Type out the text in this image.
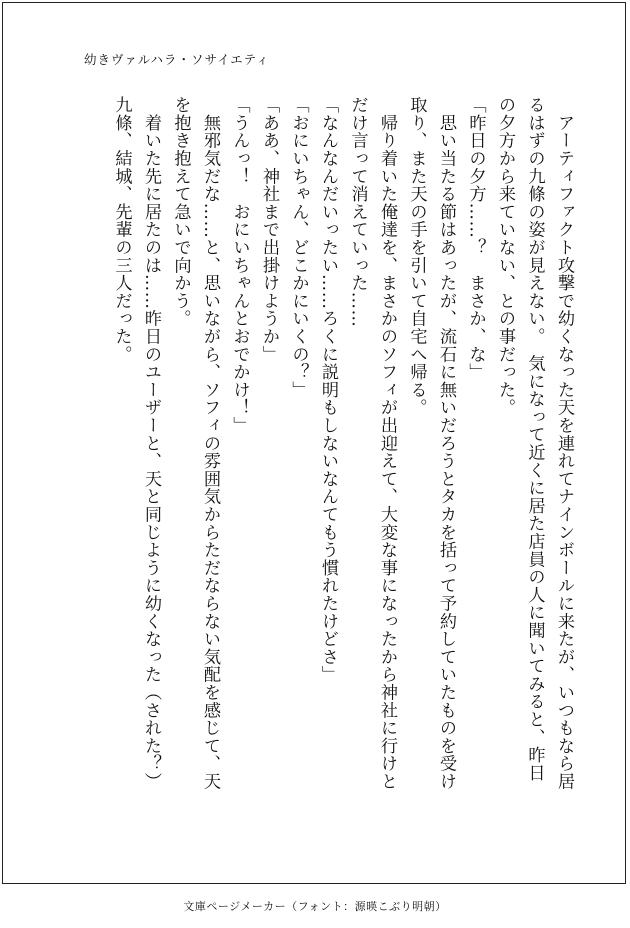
幼きヴァルハラ・ソサイエティ
　アーティファクト攻撃で幼くなった天を連れてナインボールに来たが、いつもなら居
るはずの九條の姿が見えない。　気になって近くに居た店員の人に聞いてみると、昨日
の夕方から来ていない、との事だった。
「昨日の夕方……？　まさか、な」
　思い当たる節はあったが、流石に無いだろうとタカを括って予約していたものを受け
取り、また天の手を引いて自宅へ帰る。
　帰り着いた俺達を、まさかのソフィが出迎えて、大変な事になったから神社に行けと
だけ言って消えていった……
「なんなんだいったい……ろくに説明もしないなんてもう慣れたけどさ」
「おにいちゃん、どこかにいくの？」
「ああ、神社まで出掛けようか」
「うんっ！　おにいちゃんとおでかけ！」
　無邪気だな……と、思いながら、ソフィの雰囲気からただならない気配を感じて、天
を抱き抱えて急いで向かう。
　着いた先に居たのは……昨日のユーザーと、天と同じように幼くなった（された？）
九條、結城、先輩の三人だった。
文庫ページメーカー（フォント：源暎こぶり明朝）
